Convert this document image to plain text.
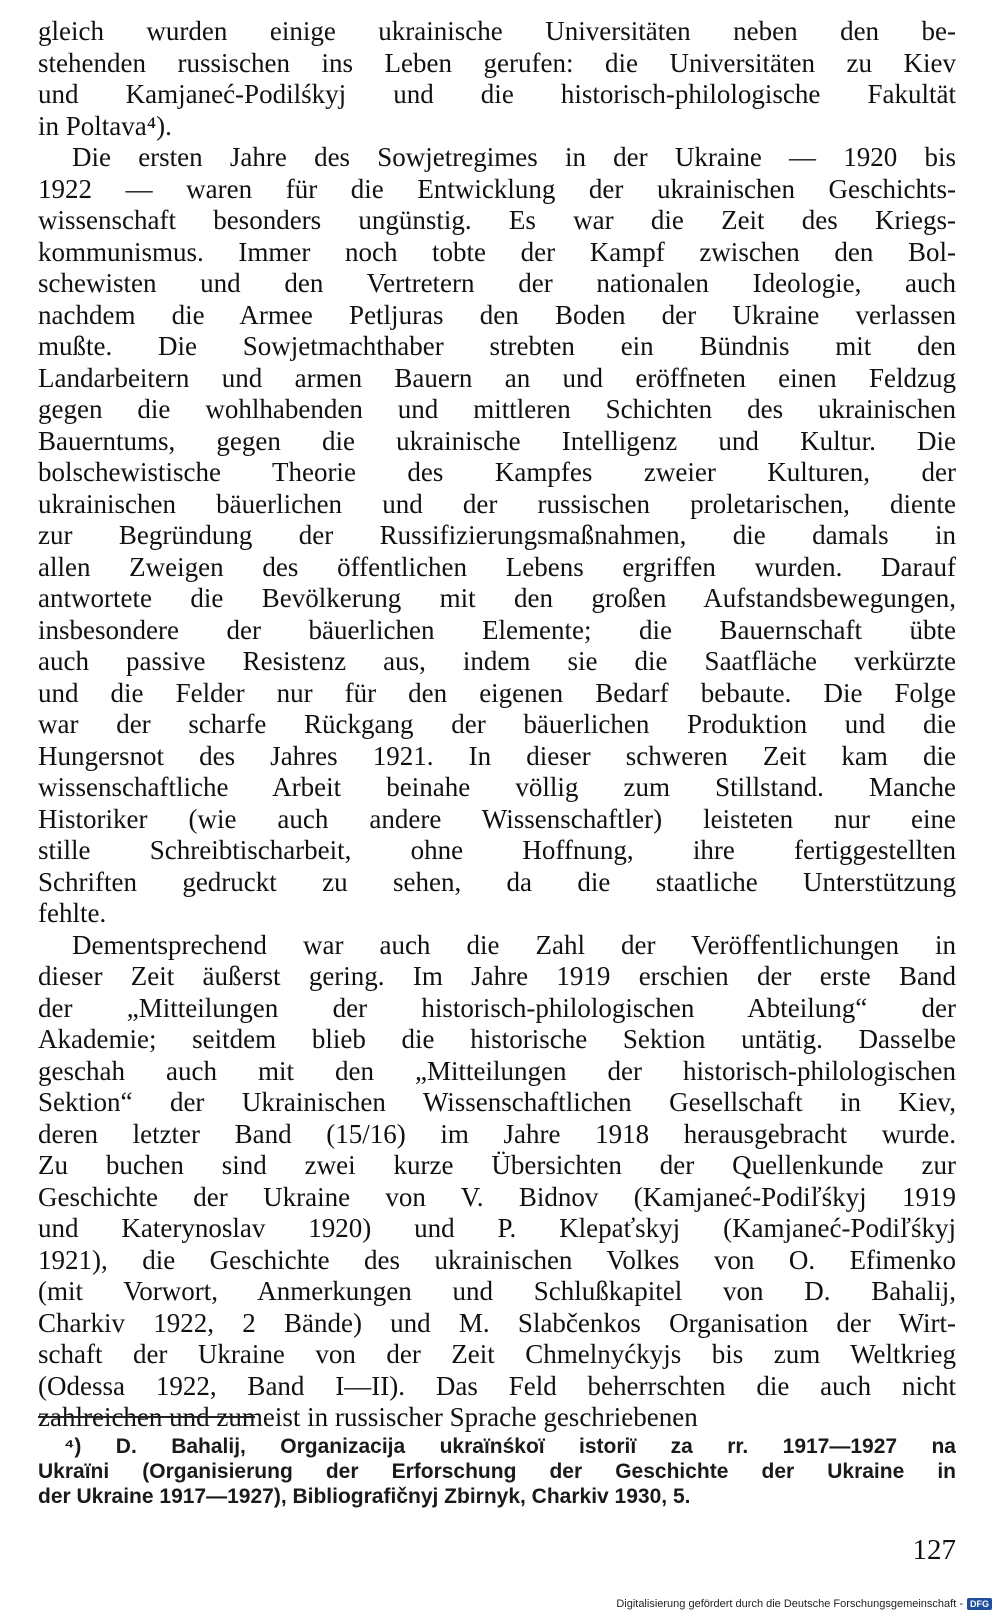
gleich wurden einige ukrainische Universitäten neben den be-
stehenden russischen ins Leben gerufen: die Universitäten zu Kiev
und Kamjaneć-Podilśkyj und die historisch-philologische Fakultät
in Poltava⁴).
Die ersten Jahre des Sowjetregimes in der Ukraine — 1920 bis
1922 — waren für die Entwicklung der ukrainischen Geschichts-
wissenschaft besonders ungünstig. Es war die Zeit des Kriegs-
kommunismus. Immer noch tobte der Kampf zwischen den Bol-
schewisten und den Vertretern der nationalen Ideologie, auch
nachdem die Armee Petljuras den Boden der Ukraine verlassen
mußte. Die Sowjetmachthaber strebten ein Bündnis mit den
Landarbeitern und armen Bauern an und eröffneten einen Feldzug
gegen die wohlhabenden und mittleren Schichten des ukrainischen
Bauerntums, gegen die ukrainische Intelligenz und Kultur. Die
bolschewistische Theorie des Kampfes zweier Kulturen, der
ukrainischen bäuerlichen und der russischen proletarischen, diente
zur Begründung der Russifizierungsmaßnahmen, die damals in
allen Zweigen des öffentlichen Lebens ergriffen wurden. Darauf
antwortete die Bevölkerung mit den großen Aufstandsbewegungen,
insbesondere der bäuerlichen Elemente; die Bauernschaft übte
auch passive Resistenz aus, indem sie die Saatfläche verkürzte
und die Felder nur für den eigenen Bedarf bebaute. Die Folge
war der scharfe Rückgang der bäuerlichen Produktion und die
Hungersnot des Jahres 1921. In dieser schweren Zeit kam die
wissenschaftliche Arbeit beinahe völlig zum Stillstand. Manche
Historiker (wie auch andere Wissenschaftler) leisteten nur eine
stille Schreibtischarbeit, ohne Hoffnung, ihre fertiggestellten
Schriften gedruckt zu sehen, da die staatliche Unterstützung
fehlte.
Dementsprechend war auch die Zahl der Veröffentlichungen in
dieser Zeit äußerst gering. Im Jahre 1919 erschien der erste Band
der „Mitteilungen der historisch-philologischen Abteilung“ der
Akademie; seitdem blieb die historische Sektion untätig. Dasselbe
geschah auch mit den „Mitteilungen der historisch-philologischen
Sektion“ der Ukrainischen Wissenschaftlichen Gesellschaft in Kiev,
deren letzter Band (15/16) im Jahre 1918 herausgebracht wurde.
Zu buchen sind zwei kurze Übersichten der Quellenkunde zur
Geschichte der Ukraine von V. Bidnov (Kamjaneć-Podiľśkyj 1919
und Katerynoslav 1920) und P. Klepaťskyj (Kamjaneć-Podiľśkyj
1921), die Geschichte des ukrainischen Volkes von O. Efimenko
(mit Vorwort, Anmerkungen und Schlußkapitel von D. Bahalij,
Charkiv 1922, 2 Bände) und M. Slabčenkos Organisation der Wirt-
schaft der Ukraine von der Zeit Chmelnyćkyjs bis zum Weltkrieg
(Odessa 1922, Band I—II). Das Feld beherrschten die auch nicht
zahlreichen und zumeist in russischer Sprache geschriebenen
⁴) D. Bahalij, Organizacija ukraïnśkoï istoriï za rr. 1917—1927 na
Ukraïni (Organisierung der Erforschung der Geschichte der Ukraine in
der Ukraine 1917—1927), Bibliografičnyj Zbirnyk, Charkiv 1930, 5.
127
Digitalisierung gefördert durch die Deutsche Forschungsgemeinschaft - DFG
